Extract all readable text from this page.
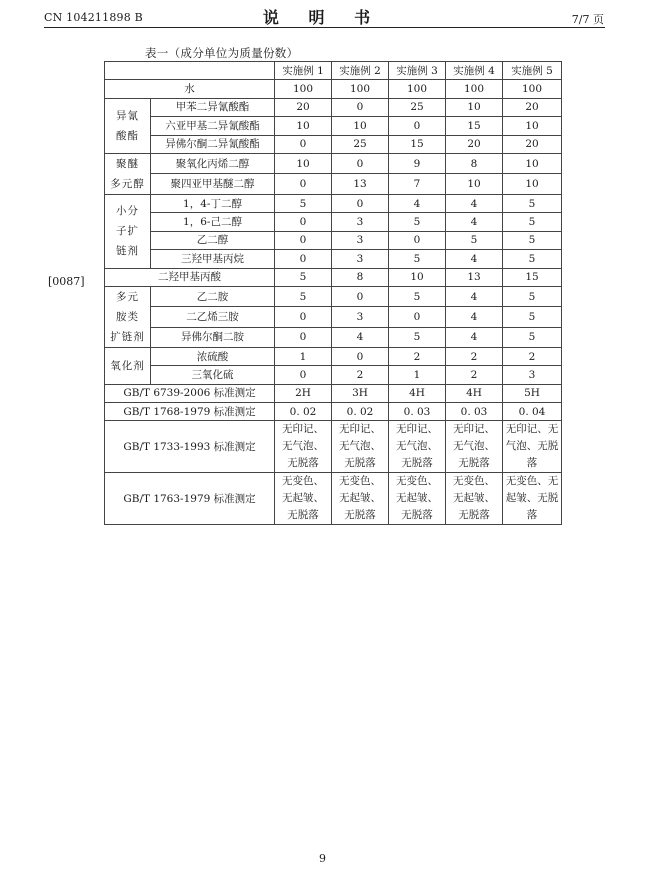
CN 104211898 B	说 明 书	7/7 页
表一（成分单位为质量份数）
[0087]
		实施例 1	实施例 2	实施例 3	实施例 4	实施例 5
水		100	100	100	100	100
异氰
酸酯	甲苯二异氰酸酯	20	0	25	10	20
	六亚甲基二异氰酸酯	10	10	0	15	10
	异佛尔酮二异氰酸酯	0	25	15	20	20
聚醚
多元醇	聚氧化丙烯二醇	10	0	9	8	10
	聚四亚甲基醚二醇	0	13	7	10	10
小分
子扩
链剂	1，4-丁二醇	5	0	4	4	5
	1，6-己二醇	0	3	5	4	5
	乙二醇	0	3	0	5	5
	三羟甲基丙烷	0	3	5	4	5
二羟甲基丙酸		5	8	10	13	15
多元
胺类
扩链剂	乙二胺	5	0	5	4	5
	二乙烯三胺	0	3	0	4	5
	异佛尔酮二胺	0	4	5	4	5
氧化剂	浓硫酸	1	0	2	2	2
	三氧化硫	0	2	1	2	3
GB/T 6739-2006 标准测定		2H	3H	4H	4H	5H
GB/T 1768-1979 标准测定		0. 02	0. 02	0. 03	0. 03	0. 04
GB/T 1733-1993 标准测定		无印记、无气泡、无脱落	无印记、无气泡、无脱落	无印记、无气泡、无脱落	无印记、无气泡、无脱落	无印记、无气泡、无脱落
GB/T 1763-1979 标准测定		无变色、无起皱、无脱落	无变色、无起皱、无脱落	无变色、无起皱、无脱落	无变色、无起皱、无脱落	无变色、无起皱、无脱落
9
